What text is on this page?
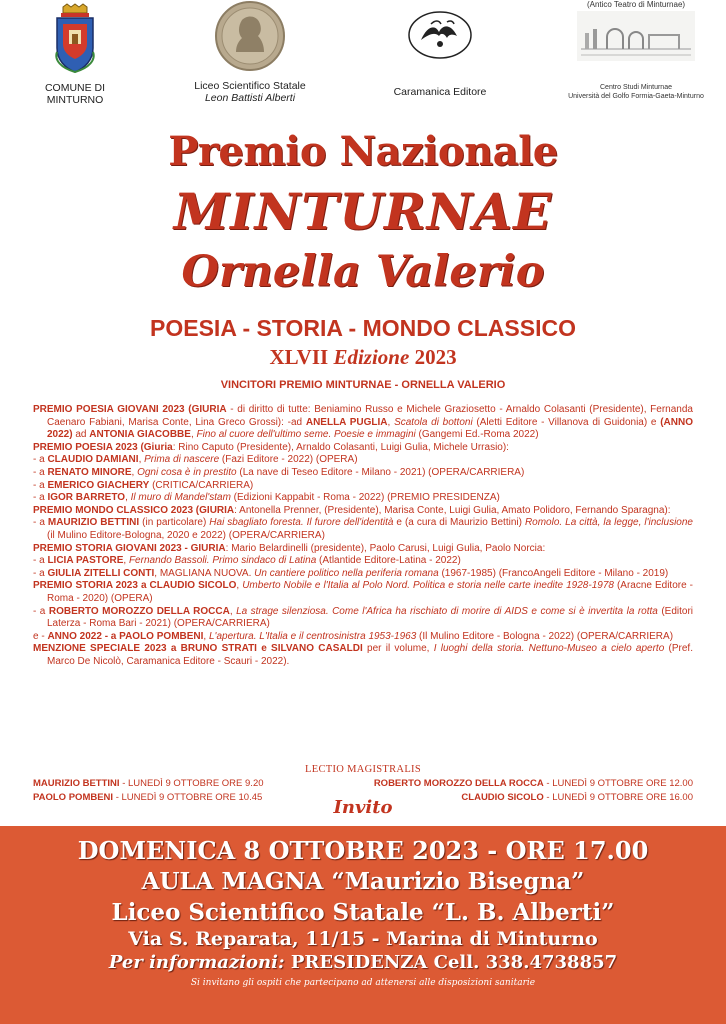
COMUNE DI
MINTURNO
Liceo Scientifico Statale
Leon Battisti Alberti	Caramanica Editore
(Antico Teatro di Minturnae)
Centro Studi Minturnae
Università del Golfo Formia-Gaeta-Minturno
Premio Nazionale
MINTURNAE
Ornella Valerio
POESIA - STORIA - MONDO CLASSICO
XLVII Edizione 2023
VINCITORI PREMIO MINTURNAE - ORNELLA VALERIO
PREMIO POESIA GIOVANI 2023 (GIURIA - di diritto di tutte: Beniamino Russo e Michele Graziosetto - Arnaldo Colasanti (Presidente), Fernanda Caenaro Fabiani, Marisa Conte, Lina Greco Grossi): -ad ANELLA PUGLIA, Scatola di bottoni (Aletti Editore - Villanova di Guidonia) e (ANNO 2022) ad ANTONIA GIACOBBE, Fino al cuore dell'ultimo seme. Poesie e immagini (Gangemi Ed.-Roma 2022)
PREMIO POESIA 2023 (Giuria: Rino Caputo (Presidente), Arnaldo Colasanti, Luigi Gulia, Michele Urrasio):
- a CLAUDIO DAMIANI, Prima di nascere (Fazi Editore - 2022) (OPERA)
- a RENATO MINORE, Ogni cosa è in prestito (La nave di Teseo Editore - Milano - 2021) (OPERA/CARRIERA)
- a EMERICO GIACHERY (CRITICA/CARRIERA)
- a IGOR BARRETO, Il muro di Mandel'stam (Edizioni Kappabit - Roma - 2022) (PREMIO PRESIDENZA)
PREMIO MONDO CLASSICO 2023 (GIURIA: Antonella Prenner, (Presidente), Marisa Conte, Luigi Gulia, Amato Polidoro, Fernando Sparagna):
- a MAURIZIO BETTINI (in particolare) Hai sbagliato foresta. Il furore dell'identità e (a cura di Maurizio Bettini) Romolo. La città, la legge, l'inclusione (il Mulino Editore-Bologna, 2020 e 2022) (OPERA/CARRIERA)
PREMIO STORIA GIOVANI 2023 - GIURIA: Mario Belardinelli (presidente), Paolo Carusi, Luigi Gulia, Paolo Norcia:
- a LICIA PASTORE, Fernando Bassoli. Primo sindaco di Latina (Atlantide Editore-Latina - 2022)
- a GIULIA ZITELLI CONTI, MAGLIANA NUOVA. Un cantiere politico nella periferia romana (1967-1985) (FrancoAngeli Editore - Milano - 2019)
PREMIO STORIA 2023 a CLAUDIO SICOLO, Umberto Nobile e l'Italia al Polo Nord. Politica e storia nelle carte inedite 1928-1978 (Aracne Editore - Roma - 2020) (OPERA)
- a ROBERTO MOROZZO DELLA ROCCA, La strage silenziosa. Come l'Africa ha rischiato di morire di AIDS e come si è invertita la rotta (Editori Laterza - Roma Bari - 2021) (OPERA/CARRIERA)
e - ANNO 2022 - a PAOLO POMBENI, L'apertura. L'Italia e il centrosinistra 1953-1963 (Il Mulino Editore - Bologna - 2022) (OPERA/CARRIERA)
MENZIONE SPECIALE 2023 a BRUNO STRATI e SILVANO CASALDI per il volume, I luoghi della storia. Nettuno-Museo a cielo aperto (Pref. Marco De Nicolò, Caramanica Editore - Scauri - 2022).
LECTIO MAGISTRALIS
MAURIZIO BETTINI - LUNEDÌ 9 OTTOBRE ORE 9.20	ROBERTO MOROZZO DELLA ROCCA - LUNEDÌ 9 OTTOBRE ORE 12.00
PAOLO POMBENI - LUNEDÌ 9 OTTOBRE ORE 10.45	CLAUDIO SICOLO - LUNEDÌ 9 OTTOBRE ORE 16.00
Invito
DOMENICA 8 OTTOBRE 2023 - ORE 17.00
AULA MAGNA “Maurizio Bisegna”
Liceo Scientifico Statale “L. B. Alberti”
Via S. Reparata, 11/15 - Marina di Minturno
Per informazioni: PRESIDENZA Cell. 338.4738857
Si invitano gli ospiti che partecipano ad attenersi alle disposizioni sanitarie
